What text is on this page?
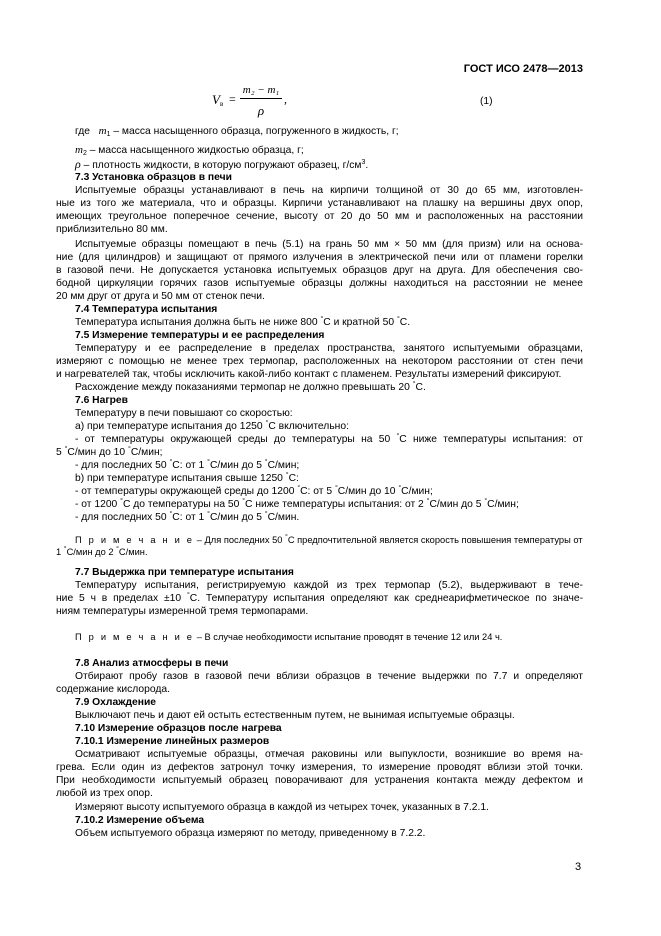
ГОСТ ИСО 2478—2013
$V_в$ =
m₂ − m₁
ρ
,	(1)
где $m_1$ – масса насыщенного образца, погруженного в жидкость, г;
$m_2$ – масса насыщенного жидкостью образца, г;
ρ – плотность жидкости, в которую погружают образец, $г/см^3$.
7.3 Установка образцов в печи
Испытуемые образцы устанавливают в печь на кирпичи толщиной от 30 до 65 мм, изготовлен-
ные из того же материала, что и образцы. Кирпичи устанавливают на плашку на вершины двух опор,
имеющих треугольное поперечное сечение, высоту от 20 до 50 мм и расположенных на расстоянии
приблизительно 80 мм.
Испытуемые образцы помещают в печь (5.1) на грань 50 мм × 50 мм (для призм) или на основа-
ние (для цилиндров) и защищают от прямого излучения в электрической печи или от пламени горелки
в газовой печи. Не допускается установка испытуемых образцов друг на друга. Для обеспечения сво-
бодной циркуляции горячих газов испытуемые образцы должны находиться на расстоянии не менее
20 мм друг от друга и 50 мм от стенок печи.
7.4 Температура испытания
Температура испытания должна быть не ниже 800 °C и кратной 50 °C.
7.5 Измерение температуры и ее распределения
Температуру и ее распределение в пределах пространства, занятого испытуемыми образцами,
измеряют с помощью не менее трех термопар, расположенных на некотором расстоянии от стен печи
и нагревателей так, чтобы исключить какой-либо контакт с пламенем. Результаты измерений фиксируют.
Расхождение между показаниями термопар не должно превышать 20 °C.
7.6 Нагрев
Температуру в печи повышают со скоростью:
a) при температуре испытания до 1250 °C включительно:
- от температуры окружающей среды до температуры на 50 °C ниже температуры испытания: от
5 °C/мин до 10 °C/мин;
- для последних 50 °C: от 1 °C/мин до 5 °C/мин;
b) при температуре испытания свыше 1250 °C:
- от температуры окружающей среды до 1200 °C: от 5 °C/мин до 10 °C/мин;
- от 1200 °C до температуры на 50 °C ниже температуры испытания: от 2 °C/мин до 5 °C/мин;
- для последних 50 °C: от 1 °C/мин до 5 °C/мин.
П р и м е ч а н и е – Для последних 50 °C предпочтительной является скорость повышения температуры от
1 °C/мин до 2 °C/мин.
7.7 Выдержка при температуре испытания
Температуру испытания, регистрируемую каждой из трех термопар (5.2), выдерживают в тече-
ние 5 ч в пределах ±10 °C. Температуру испытания определяют как среднеарифметическое по значе-
ниям температуры измеренной тремя термопарами.
П р и м е ч а н и е – В случае необходимости испытание проводят в течение 12 или 24 ч.
7.8 Анализ атмосферы в печи
Отбирают пробу газов в газовой печи вблизи образцов в течение выдержки по 7.7 и определяют
содержание кислорода.
7.9 Охлаждение
Выключают печь и дают ей остыть естественным путем, не вынимая испытуемые образцы.
7.10 Измерение образцов после нагрева
7.10.1 Измерение линейных размеров
Осматривают испытуемые образцы, отмечая раковины или выпуклости, возникшие во время на-
грева. Если один из дефектов затронул точку измерения, то измерение проводят вблизи этой точки.
При необходимости испытуемый образец поворачивают для устранения контакта между дефектом и
любой из трех опор.
Измеряют высоту испытуемого образца в каждой из четырех точек, указанных в 7.2.1.
7.10.2 Измерение объема
Объем испытуемого образца измеряют по методу, приведенному в 7.2.2.
3
